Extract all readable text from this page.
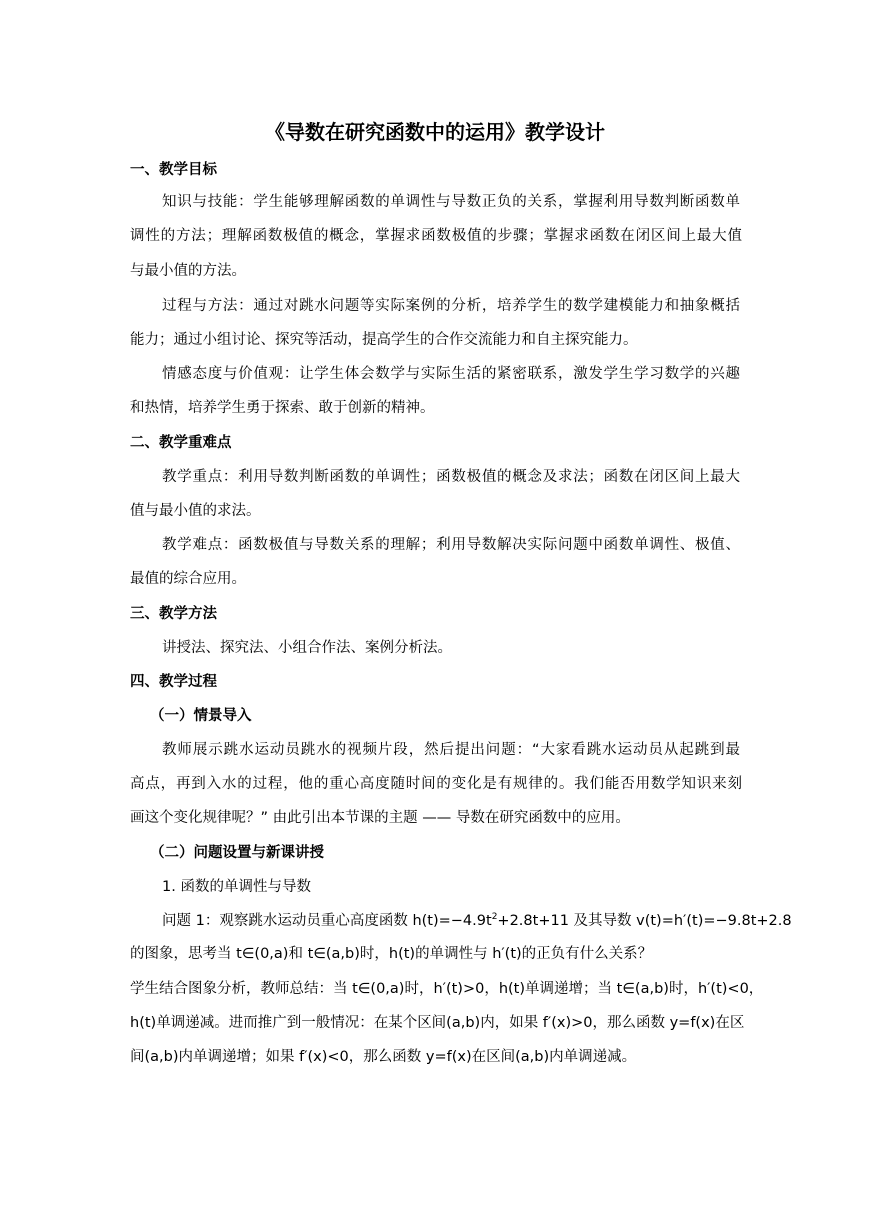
《导数在研究函数中的运用》教学设计
一、教学目标
知识与技能：学生能够理解函数的单调性与导数正负的关系，掌握利用导数判断函数单
调性的方法；理解函数极值的概念，掌握求函数极值的步骤；掌握求函数在闭区间上最大值
与最小值的方法。
过程与方法：通过对跳水问题等实际案例的分析，培养学生的数学建模能力和抽象概括
能力；通过小组讨论、探究等活动，提高学生的合作交流能力和自主探究能力。
情感态度与价值观：让学生体会数学与实际生活的紧密联系，激发学生学习数学的兴趣
和热情，培养学生勇于探索、敢于创新的精神。
二、教学重难点
教学重点：利用导数判断函数的单调性；函数极值的概念及求法；函数在闭区间上最大
值与最小值的求法。
教学难点：函数极值与导数关系的理解；利用导数解决实际问题中函数单调性、极值、
最值的综合应用。
三、教学方法
讲授法、探究法、小组合作法、案例分析法。
四、教学过程
（一）情景导入
教师展示跳水运动员跳水的视频片段，然后提出问题：“大家看跳水运动员从起跳到最
高点，再到入水的过程，他的重心高度随时间的变化是有规律的。我们能否用数学知识来刻
画这个变化规律呢？” 由此引出本节课的主题 —— 导数在研究函数中的应用。
（二）问题设置与新课讲授
1. 函数的单调性与导数
问题 1：观察跳水运动员重心高度函数 $h(t)=-4.9t^2+2.8t+11$ 及其导数 v(t)=h′(t)=−9.8t+2.8
的图象，思考当 t∈(0,a)和 t∈(a,b)时，h(t)的单调性与 h′(t)的正负有什么关系？
学生结合图象分析，教师总结：当 t∈(0,a)时，h′(t)>0，h(t)单调递增；当 t∈(a,b)时，h′(t)<0，
h(t)单调递减。进而推广到一般情况：在某个区间(a,b)内，如果 f′(x)>0，那么函数 y=f(x)在区
间(a,b)内单调递增；如果 f′(x)<0，那么函数 y=f(x)在区间(a,b)内单调递减。
